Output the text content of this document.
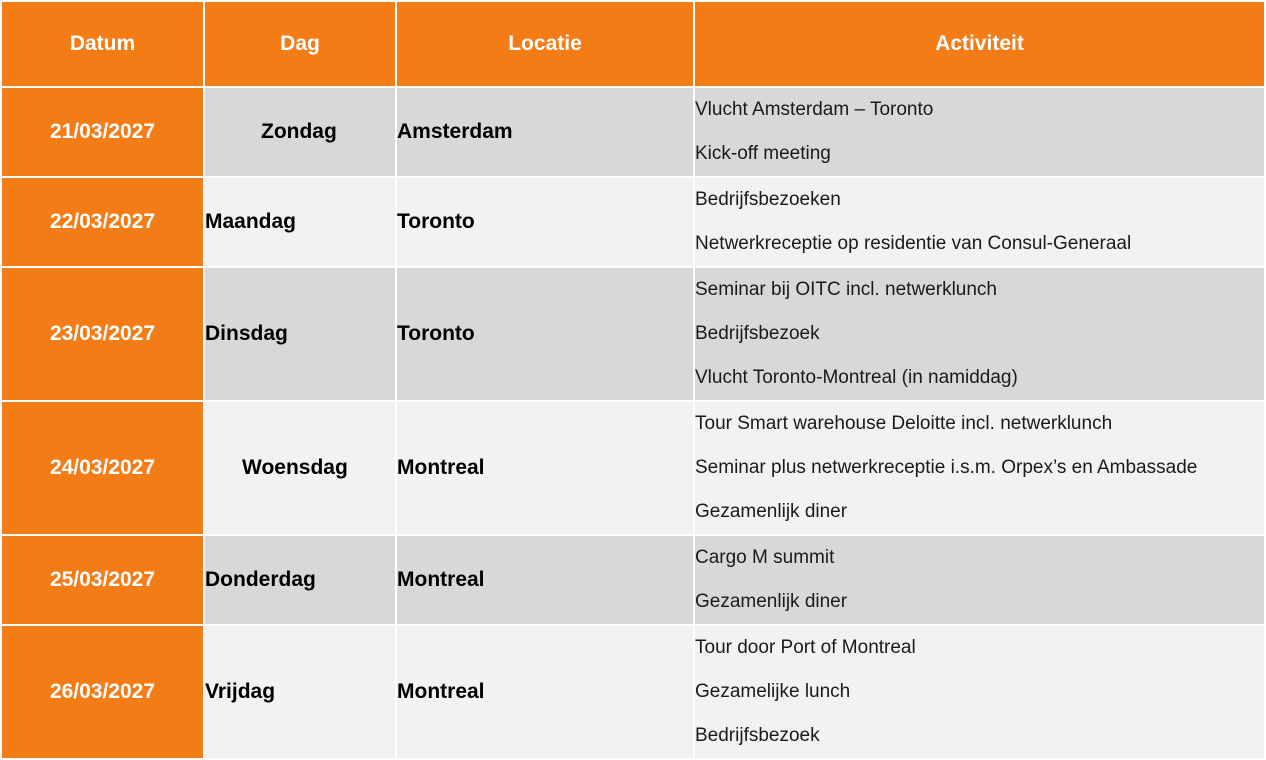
Datum	Dag	Locatie	Activiteit
21/03/2027	Zondag	Amsterdam	Vlucht Amsterdam – Toronto
Kick-off meeting

22/03/2027	Maandag	Toronto	Bedrijfsbezoeken
Netwerkreceptie op residentie van Consul-Generaal

23/03/2027	Dinsdag	Toronto	Seminar bij OITC incl. netwerklunch
Bedrijfsbezoek
Vlucht Toronto-Montreal (in namiddag)

24/03/2027	Woensdag	Montreal	Tour Smart warehouse Deloitte incl. netwerklunch
Seminar plus netwerkreceptie i.s.m. Orpex’s en Ambassade
Gezamenlijk diner

25/03/2027	Donderdag	Montreal	Cargo M summit
Gezamenlijk diner

26/03/2027	Vrijdag	Montreal	Tour door Port of Montreal
Gezamelijke lunch
Bedrijfsbezoek
